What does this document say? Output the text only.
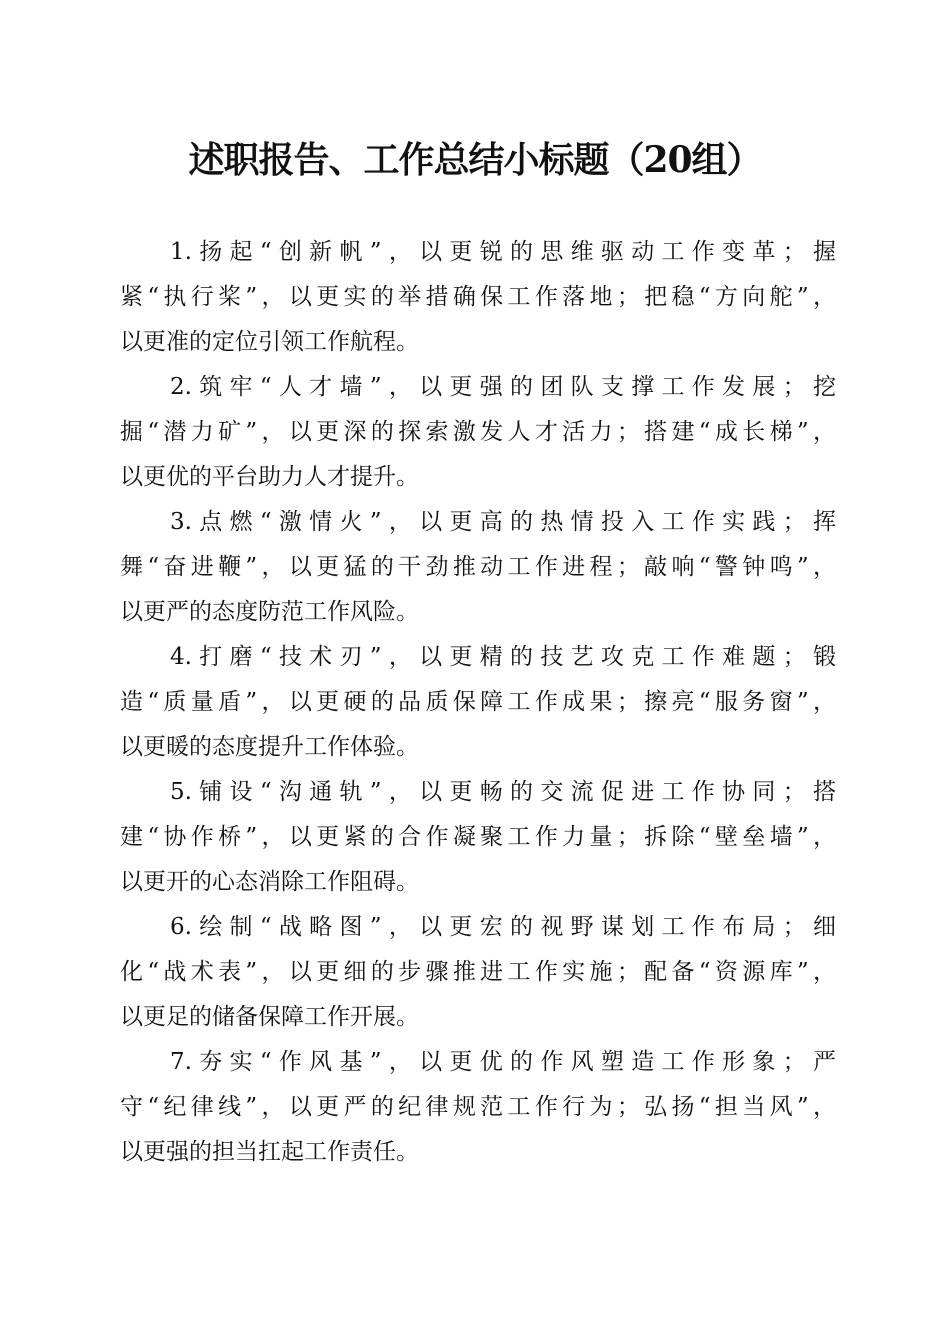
述职报告、工作总结小标题（20组）
1.扬起“创新帆”，以更锐的思维驱动工作变革；握
紧“执行桨”，以更实的举措确保工作落地；把稳“方向舵”，
以更准的定位引领工作航程。
2.筑牢“人才墙”，以更强的团队支撑工作发展；挖
掘“潜力矿”，以更深的探索激发人才活力；搭建“成长梯”，
以更优的平台助力人才提升。
3.点燃“激情火”，以更高的热情投入工作实践；挥
舞“奋进鞭”，以更猛的干劲推动工作进程；敲响“警钟鸣”，
以更严的态度防范工作风险。
4.打磨“技术刃”，以更精的技艺攻克工作难题；锻
造“质量盾”，以更硬的品质保障工作成果；擦亮“服务窗”，
以更暖的态度提升工作体验。
5.铺设“沟通轨”，以更畅的交流促进工作协同；搭
建“协作桥”，以更紧的合作凝聚工作力量；拆除“壁垒墙”，
以更开的心态消除工作阻碍。
6.绘制“战略图”，以更宏的视野谋划工作布局；细
化“战术表”，以更细的步骤推进工作实施；配备“资源库”，
以更足的储备保障工作开展。
7.夯实“作风基”，以更优的作风塑造工作形象；严
守“纪律线”，以更严的纪律规范工作行为；弘扬“担当风”，
以更强的担当扛起工作责任。
